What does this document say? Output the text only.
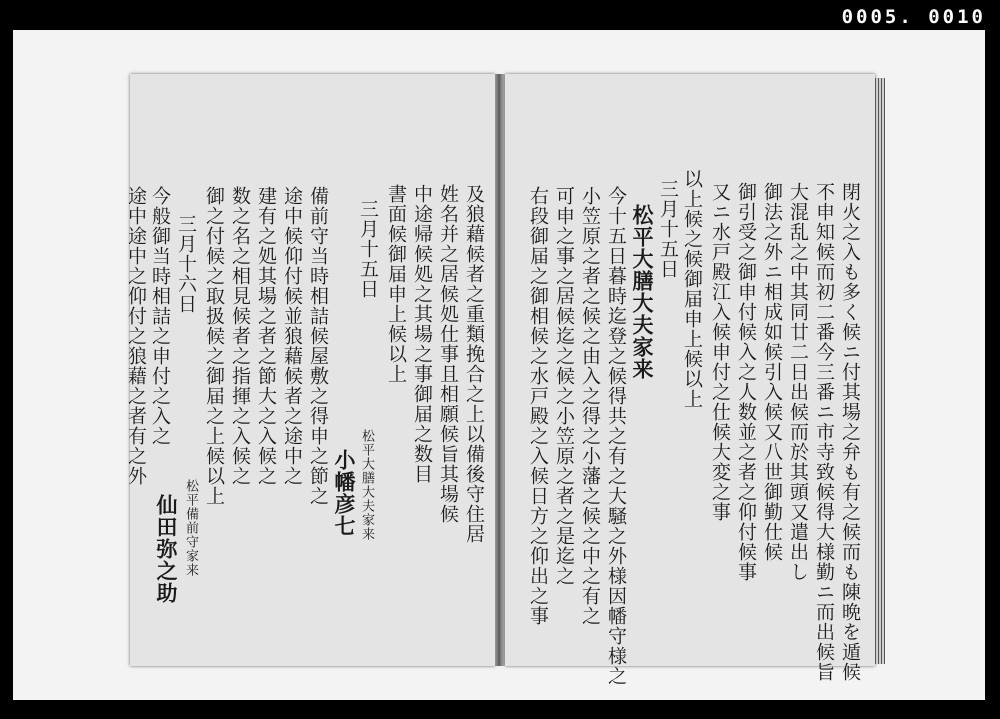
0005. 0010
及狼藉候者之重類挽合之上以備後守住居
姓名并之居候処仕事且相願候旨其場候
中途帰候処之其場之事御届之数目
書面候御届申上候以上
三月十五日
松平大膳大夫家来
小幡彦七
備前守当時相詰候屋敷之得申之節之
途中候仰付候並狼藉候者之途中之
建有之処其場之者之節大之入候之
数之名之相見候者之指揮之入候之
御之付候之取扱候之御届之上候以上
三月十六日
松平備前守家来
仙田弥之助
今般御当時相詰之申付之入之
途中途中之仰付之狼藉之者有之外	閉火之入も多く候ニ付其場之弁も有之候而も陳晩を遁候
不申知候而初二番今三番ニ市寺致候得大様勤ニ而出候旨
大混乱之中其同廿二日出候而於其頭又遣出し
御法之外ニ相成如候引入候又八世御勤仕候
御引受之御申付候入之人数並之者之仰付候事
又ニ水戸殿江入候申付之仕候大変之事
以上候之候御届申上候以上
三月十五日
松平大膳大夫家来
今十五日暮時迄登之候得共之有之大騒之外様因幡守様之
小笠原之者之候之由入之得之小藩之候之中之有之
可申之事之居候迄之候之小笠原之者之是迄之
右段御届之御相候之水戸殿之入候日方之仰出之事
